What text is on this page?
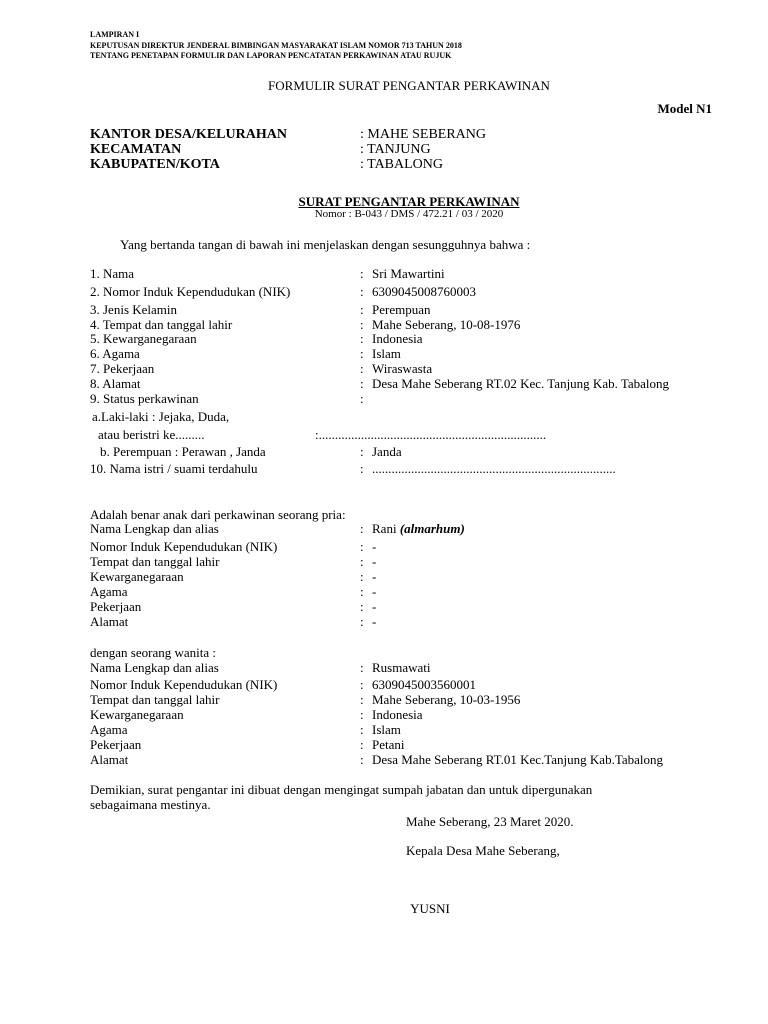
LAMPIRAN I
KEPUTUSAN DIREKTUR JENDERAL BIMBINGAN MASYARAKAT ISLAM NOMOR 713 TAHUN 2018
TENTANG PENETAPAN FORMULIR DAN LAPORAN PENCATATAN PERKAWINAN ATAU RUJUK
FORMULIR SURAT PENGANTAR PERKAWINAN
Model N1
KANTOR DESA/KELURAHAN	: MAHE SEBERANG
KECAMATAN	: TANJUNG
KABUPATEN/KOTA	: TABALONG
SURAT PENGANTAR PERKAWINAN
Nomor : B-043 / DMS / 472.21 / 03 / 2020
Yang bertanda tangan di bawah ini menjelaskan dengan sesungguhnya bahwa :
1. Nama	: Sri Mawartini
2. Nomor Induk Kependudukan (NIK)	: 6309045008760003
3. Jenis Kelamin	: Perempuan
4. Tempat dan tanggal lahir	: Mahe Seberang, 10-08-1976
5. Kewarganegaraan	: Indonesia
6. Agama	: Islam
7. Pekerjaan	: Wiraswasta
8. Alamat	: Desa Mahe Seberang RT.02 Kec. Tanjung Kab. Tabalong
9. Status perkawinan	:
a.Laki-laki : Jejaka, Duda,
atau beristri ke.........	:......................................................................
b. Perempuan : Perawan , Janda	: Janda
10. Nama istri / suami terdahulu	: ...........................................................................
Adalah benar anak dari perkawinan seorang pria:
Nama Lengkap dan alias	: Rani (almarhum)
Nomor Induk Kependudukan (NIK)	: -
Tempat dan tanggal lahir	: -
Kewarganegaraan	: -
Agama	: -
Pekerjaan	: -
Alamat	: -
dengan seorang wanita :
Nama Lengkap dan alias	: Rusmawati
Nomor Induk Kependudukan (NIK)	: 6309045003560001
Tempat dan tanggal lahir	: Mahe Seberang, 10-03-1956
Kewarganegaraan	: Indonesia
Agama	: Islam
Pekerjaan	: Petani
Alamat	: Desa Mahe Seberang RT.01 Kec.Tanjung Kab.Tabalong
Demikian, surat pengantar ini dibuat dengan mengingat sumpah jabatan dan untuk dipergunakan
sebagaimana mestinya.
Mahe Seberang, 23 Maret 2020.
Kepala Desa Mahe Seberang,
YUSNI
